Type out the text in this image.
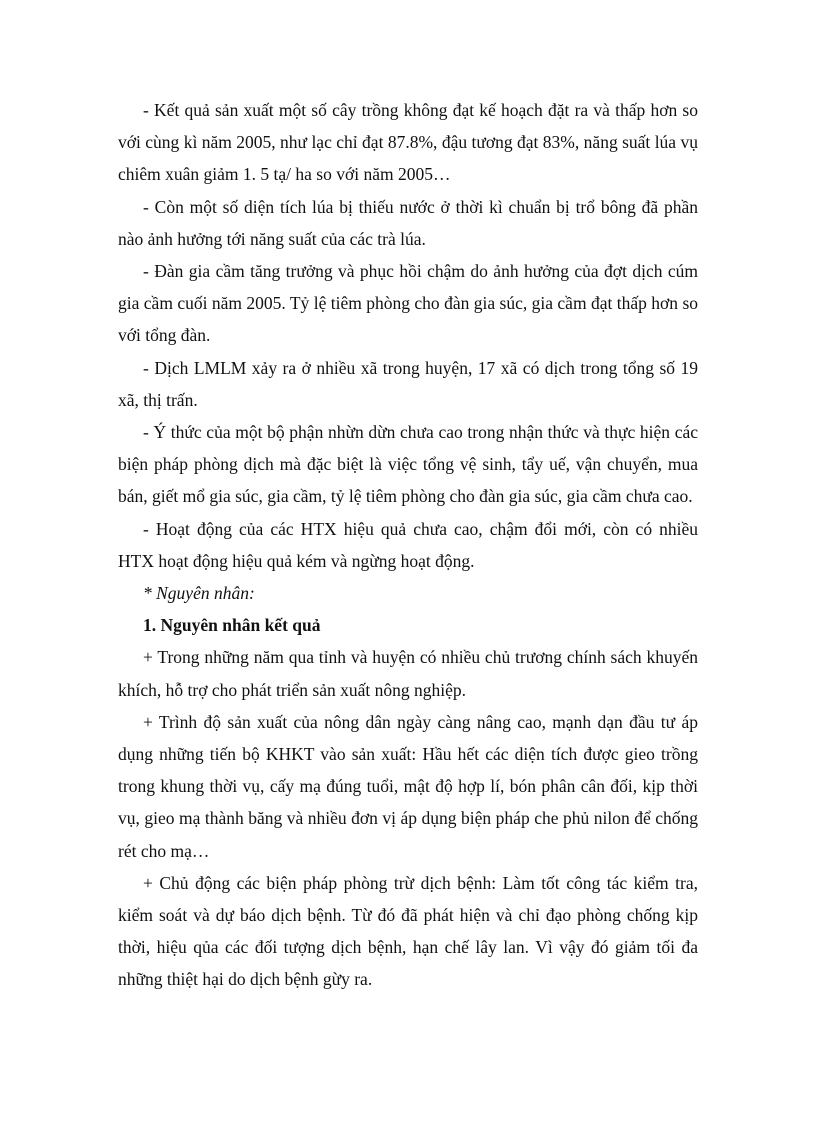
- Kết quả sản xuất một số cây trồng không đạt kế hoạch đặt ra và thấp hơn so với cùng kì năm 2005, như lạc chỉ đạt 87.8%, đậu tương đạt 83%, năng suất lúa vụ chiêm xuân giảm 1. 5 tạ/ ha so với năm 2005…

- Còn một số diện tích lúa bị thiếu nước ở thời kì chuẩn bị trổ bông đã phần nào ảnh hưởng tới năng suất của các trà lúa.

- Đàn gia cầm tăng trưởng và phục hồi chậm do ảnh hưởng của đợt dịch cúm gia cầm cuối năm 2005. Tỷ lệ tiêm phòng cho đàn gia súc, gia cầm đạt thấp hơn so với tổng đàn.

- Dịch LMLM xảy ra ở nhiều xã trong huyện, 17 xã có dịch trong tổng số 19 xã, thị trấn.

- Ý thức của một bộ phận nhừn dừn chưa cao trong nhận thức và thực hiện các biện pháp phòng dịch mà đặc biệt là việc tổng vệ sinh, tẩy uế, vận chuyển, mua bán, giết mổ gia súc, gia cầm, tỷ lệ tiêm phòng cho đàn gia súc, gia cầm chưa cao.

- Hoạt động của các HTX hiệu quả chưa cao, chậm đổi mới, còn có nhiều HTX hoạt động hiệu quả kém và ngừng hoạt động.

* Nguyên nhân:

1. Nguyên nhân kết quả

+ Trong những năm qua tỉnh và huyện có nhiều chủ trương chính sách khuyến khích, hỗ trợ cho phát triển sản xuất nông nghiệp.

+ Trình độ sản xuất của nông dân ngày càng nâng cao, mạnh dạn đầu tư áp dụng những tiến bộ KHKT vào sản xuất: Hầu hết các diện tích được gieo trồng trong khung thời vụ, cấy mạ đúng tuổi, mật độ hợp lí, bón phân cân đối, kịp thời vụ, gieo mạ thành băng và nhiều đơn vị áp dụng biện pháp che phủ nilon để chống rét cho mạ…

+ Chủ động các biện pháp phòng trừ dịch bệnh: Làm tốt công tác kiểm tra, kiểm soát và dự báo dịch bệnh. Từ đó đã phát hiện và chỉ đạo phòng chống kịp thời, hiệu qủa các đối tượng dịch bệnh, hạn chế lây lan. Vì vậy đó giảm tối đa những thiệt hại do dịch bệnh gừy ra.
